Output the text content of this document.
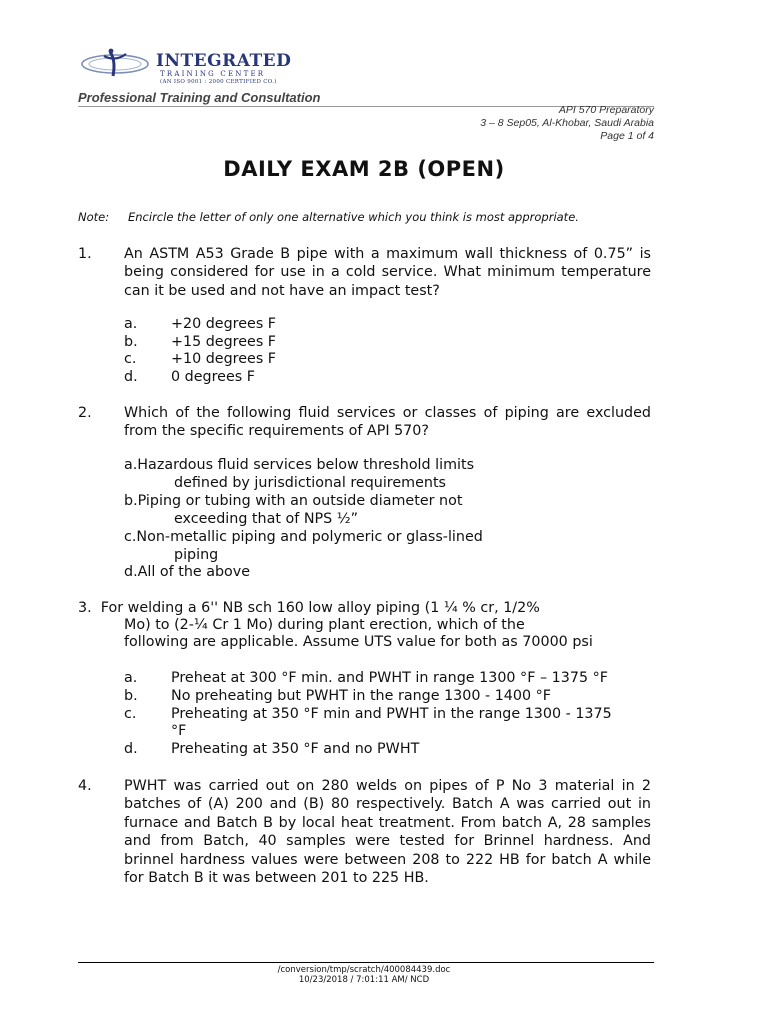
INTEGRATED
TRAINING CENTER
(AN ISO 9001 : 2000 CERTIFIED CO.)
Professional Training and Consultation
API 570 Preparatory
3 – 8 Sep05, Al-Khobar, Saudi Arabia
Page 1 of 4
DAILY EXAM 2B (OPEN)
Note: Encircle the letter of only one alternative which you think is most appropriate.
1. An ASTM A53 Grade B pipe with a maximum wall thickness of 0.75” is being considered for use in a cold service. What minimum temperature can it be used and not have an impact test?
a. +20 degrees F
b. +15 degrees F
c. +10 degrees F
d. 0 degrees F
2. Which of the following fluid services or classes of piping are excluded from the specific requirements of API 570?
a.Hazardous fluid services below threshold limits
defined by jurisdictional requirements
b.Piping or tubing with an outside diameter not
exceeding that of NPS ½”
c.Non-metallic piping and polymeric or glass-lined
piping
d.All of the above
3. For welding a 6'' NB sch 160 low alloy piping (1 ¼ % cr, 1/2%
Mo) to (2-¼ Cr 1 Mo) during plant erection, which of the
following are applicable. Assume UTS value for both as 70000 psi
a. Preheat at 300 °F min. and PWHT in range 1300 °F – 1375 °F
b. No preheating but PWHT in the range 1300 - 1400 °F
c. Preheating at 350 °F min and PWHT in the range 1300 - 1375
°F
d. Preheating at 350 °F and no PWHT
4. PWHT was carried out on 280 welds on pipes of P No 3 material in 2 batches of (A) 200 and (B) 80 respectively. Batch A was carried out in furnace and Batch B by local heat treatment. From batch A, 28 samples and from Batch, 40 samples were tested for Brinnel hardness. And brinnel hardness values were between 208 to 222 HB for batch A while for Batch B it was between 201 to 225 HB.
/conversion/tmp/scratch/400084439.doc
10/23/2018 / 7:01:11 AM/ NCD
